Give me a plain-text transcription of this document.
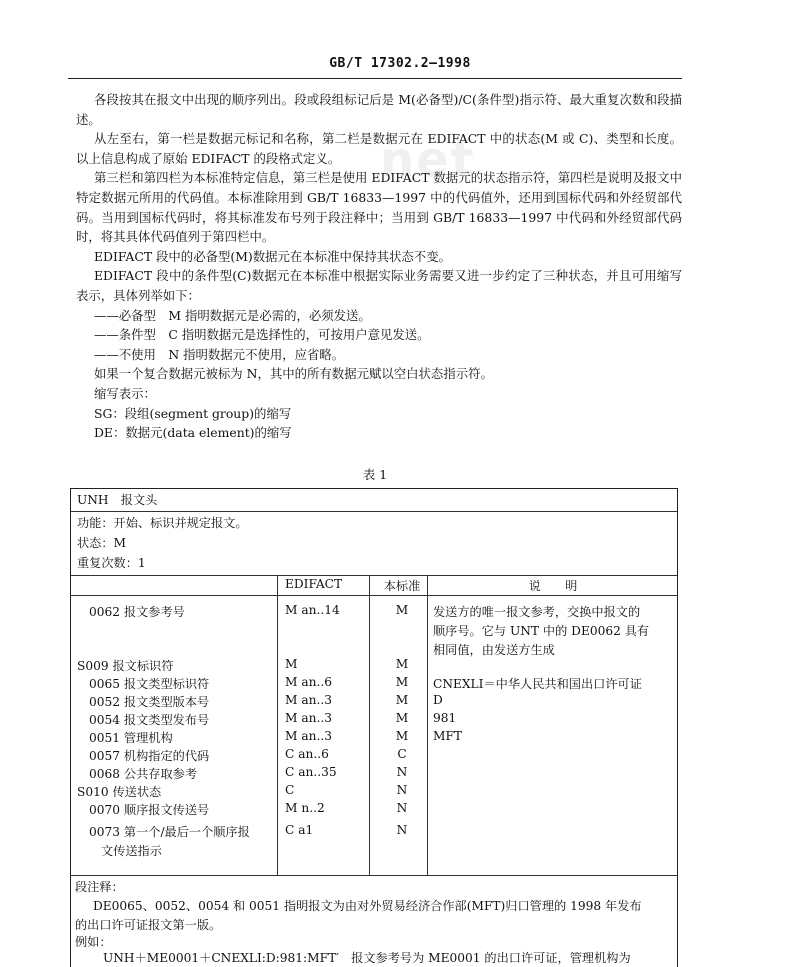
GB/T 17302.2—1998
net

各段按其在报文中出现的顺序列出。段或段组标记后是 M(必备型)/C(条件型)指示符、最大重复次数和段描述。

从左至右，第一栏是数据元标记和名称，第二栏是数据元在 EDIFACT 中的状态(M 或 C)、类型和长度。以上信息构成了原始 EDIFACT 的段格式定义。

第三栏和第四栏为本标准特定信息，第三栏是使用 EDIFACT 数据元的状态指示符，第四栏是说明及报文中特定数据元所用的代码值。本标准除用到 GB/T 16833—1997 中的代码值外，还用到国标代码和外经贸部代码。当用到国标代码时，将其标准发布号列于段注释中；当用到 GB/T 16833—1997 中代码和外经贸部代码时，将其具体代码值列于第四栏中。

EDIFACT 段中的必备型(M)数据元在本标准中保持其状态不变。

EDIFACT 段中的条件型(C)数据元在本标准中根据实际业务需要又进一步约定了三种状态，并且可用缩写表示，具体列举如下：

——必备型　M 指明数据元是必需的，必须发送。

——条件型　C 指明数据元是选择性的，可按用户意见发送。

——不使用　N 指明数据元不使用，应省略。

如果一个复合数据元被标为 N，其中的所有数据元赋以空白状态指示符。

缩写表示：

SG：段组(segment group)的缩写

DE：数据元(data element)的缩写

表 1
UNH　报文头
功能：开始、标识并规定报文。
状态：M
重复次数：1
EDIFACT	本标准	说　　明
0062 报文参考号	M an..14	M	发送方的唯一报文参考，交换中报文的
顺序号。它与 UNT 中的 DE0062 具有
相同值，由发送方生成
S009 报文标识符	M	M
0065 报文类型标识符	M an..6	M	CNEXLI＝中华人民共和国出口许可证
0052 报文类型版本号	M an..3	M	D
0054 报文类型发布号	M an..3	M	981
0051 管理机构	M an..3	M	MFT
0057 机构指定的代码	C an..6	C
0068 公共存取参考	C an..35	N
S010 传送状态	C	N
0070 顺序报文传送号	M n..2	N
0073 第一个/最后一个顺序报
文传送指示
C a1	N
段注释：
DE0065、0052、0054 和 0051 指明报文为由对外贸易经济合作部(MFT)归口管理的 1998 年发布
的出口许可证报文第一版。
例如：
UNH＋ME0001＋CNEXLI:D:981:MFT′　报文参考号为 ME0001 的出口许可证，管理机构为
